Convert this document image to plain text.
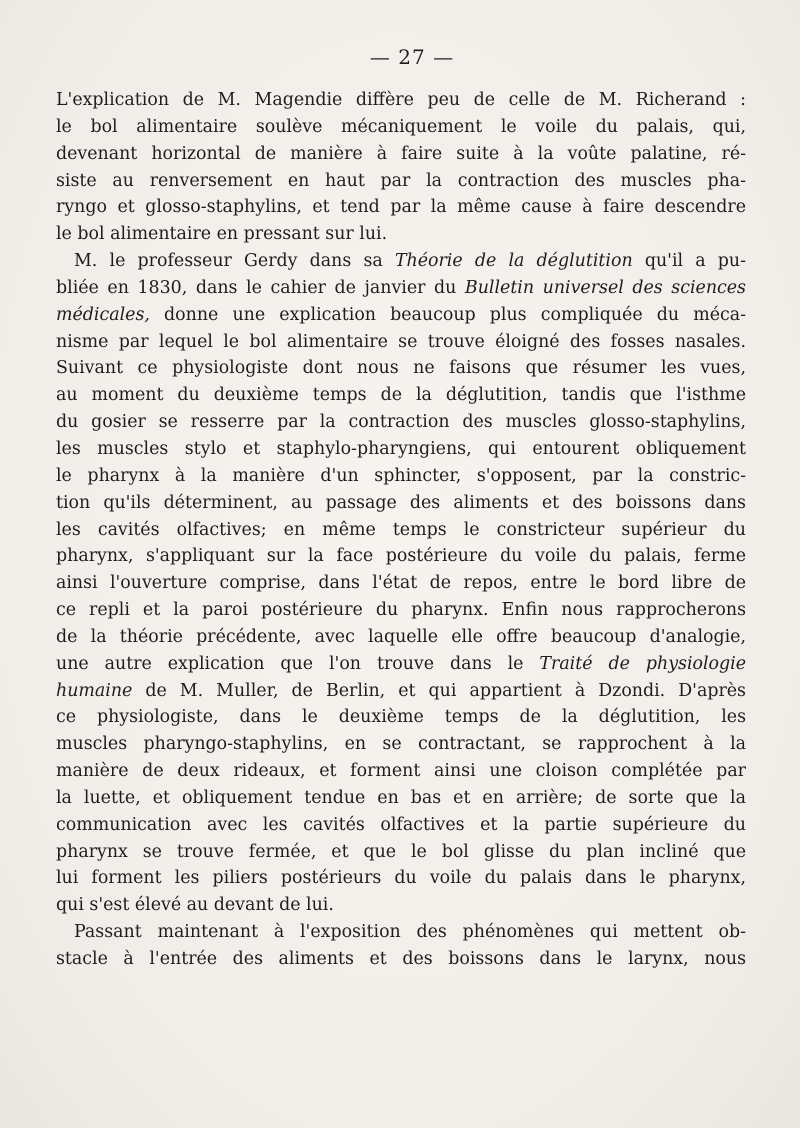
— 27 —
L'explication de M. Magendie diffère peu de celle de M. Richerand :
le bol alimentaire soulève mécaniquement le voile du palais, qui,
devenant horizontal de manière à faire suite à la voûte palatine, ré-
siste au renversement en haut par la contraction des muscles pha-
ryngo et glosso-staphylins, et tend par la même cause à faire descendre
le bol alimentaire en pressant sur lui.
M. le professeur Gerdy dans sa Théorie de la déglutition qu'il a pu-
bliée en 1830, dans le cahier de janvier du Bulletin universel des sciences
médicales, donne une explication beaucoup plus compliquée du méca-
nisme par lequel le bol alimentaire se trouve éloigné des fosses nasales.
Suivant ce physiologiste dont nous ne faisons que résumer les vues,
au moment du deuxième temps de la déglutition, tandis que l'isthme
du gosier se resserre par la contraction des muscles glosso-staphylins,
les muscles stylo et staphylo-pharyngiens, qui entourent obliquement
le pharynx à la manière d'un sphincter, s'opposent, par la constric-
tion qu'ils déterminent, au passage des aliments et des boissons dans
les cavités olfactives; en même temps le constricteur supérieur du
pharynx, s'appliquant sur la face postérieure du voile du palais, ferme
ainsi l'ouverture comprise, dans l'état de repos, entre le bord libre de
ce repli et la paroi postérieure du pharynx. Enfin nous rapprocherons
de la théorie précédente, avec laquelle elle offre beaucoup d'analogie,
une autre explication que l'on trouve dans le Traité de physiologie
humaine de M. Muller, de Berlin, et qui appartient à Dzondi. D'après
ce physiologiste, dans le deuxième temps de la déglutition, les
muscles pharyngo-staphylins, en se contractant, se rapprochent à la
manière de deux rideaux, et forment ainsi une cloison complétée par
la luette, et obliquement tendue en bas et en arrière; de sorte que la
communication avec les cavités olfactives et la partie supérieure du
pharynx se trouve fermée, et que le bol glisse du plan incliné que
lui forment les piliers postérieurs du voile du palais dans le pharynx,
qui s'est élevé au devant de lui.
Passant maintenant à l'exposition des phénomènes qui mettent ob-
stacle à l'entrée des aliments et des boissons dans le larynx, nous
